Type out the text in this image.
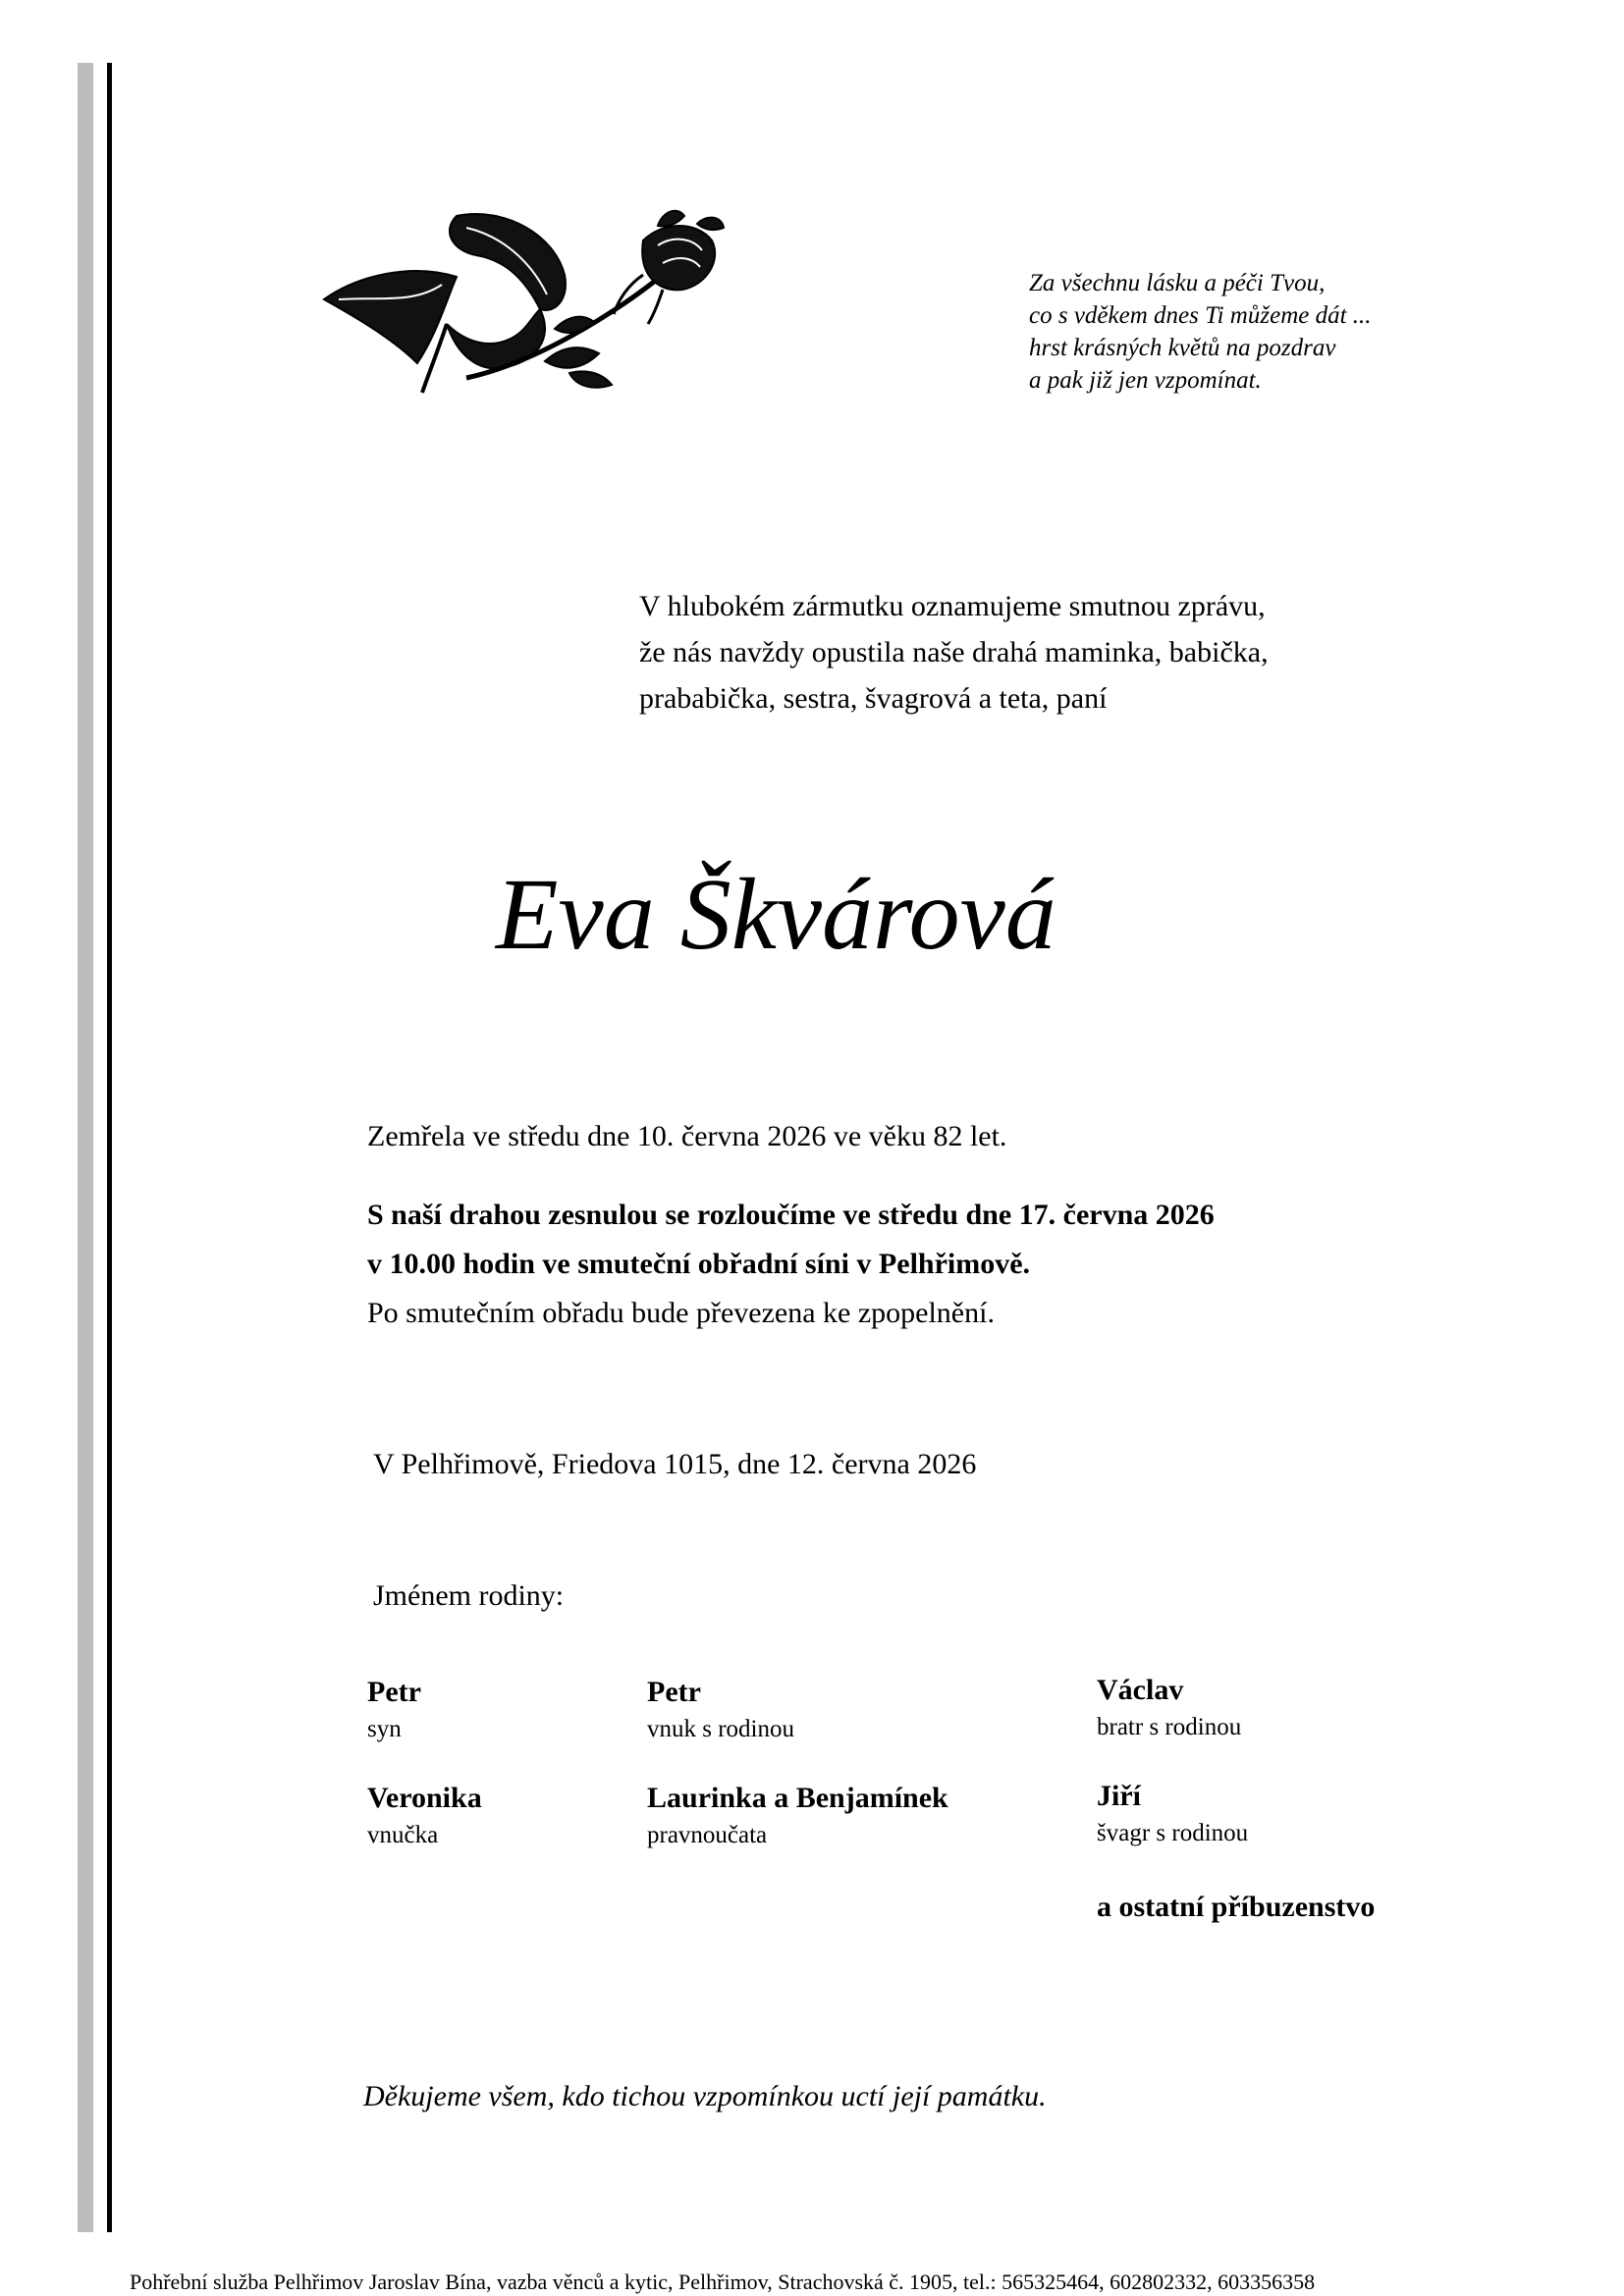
Za všechnu lásku a péči Tvou,
co s vděkem dnes Ti můžeme dát ...
hrst krásných květů na pozdrav
a pak již jen vzpomínat.
V hlubokém zármutku oznamujeme smutnou zprávu,
že nás navždy opustila naše drahá maminka, babička,
prababička, sestra, švagrová a teta, paní
Eva Škvárová
Zemřela ve středu dne 10. června 2026 ve věku 82 let.
S naší drahou zesnulou se rozloučíme ve středu dne 17. června 2026
v 10.00 hodin ve smuteční obřadní síni v Pelhřimově.
Po smutečním obřadu bude převezena ke zpopelnění.
V Pelhřimově, Friedova 1015, dne 12. června 2026
Jménem rodiny:
Petr
syn
Petr
vnuk s rodinou
Václav
bratr s rodinou
Veronika
vnučka
Laurinka a Benjamínek
pravnoučata
Jiří
švagr s rodinou
a ostatní příbuzenstvo
Děkujeme všem, kdo tichou vzpomínkou uctí její památku.
Pohřební služba Pelhřimov Jaroslav Bína, vazba věnců a kytic, Pelhřimov, Strachovská č. 1905, tel.: 565325464, 602802332, 603356358
